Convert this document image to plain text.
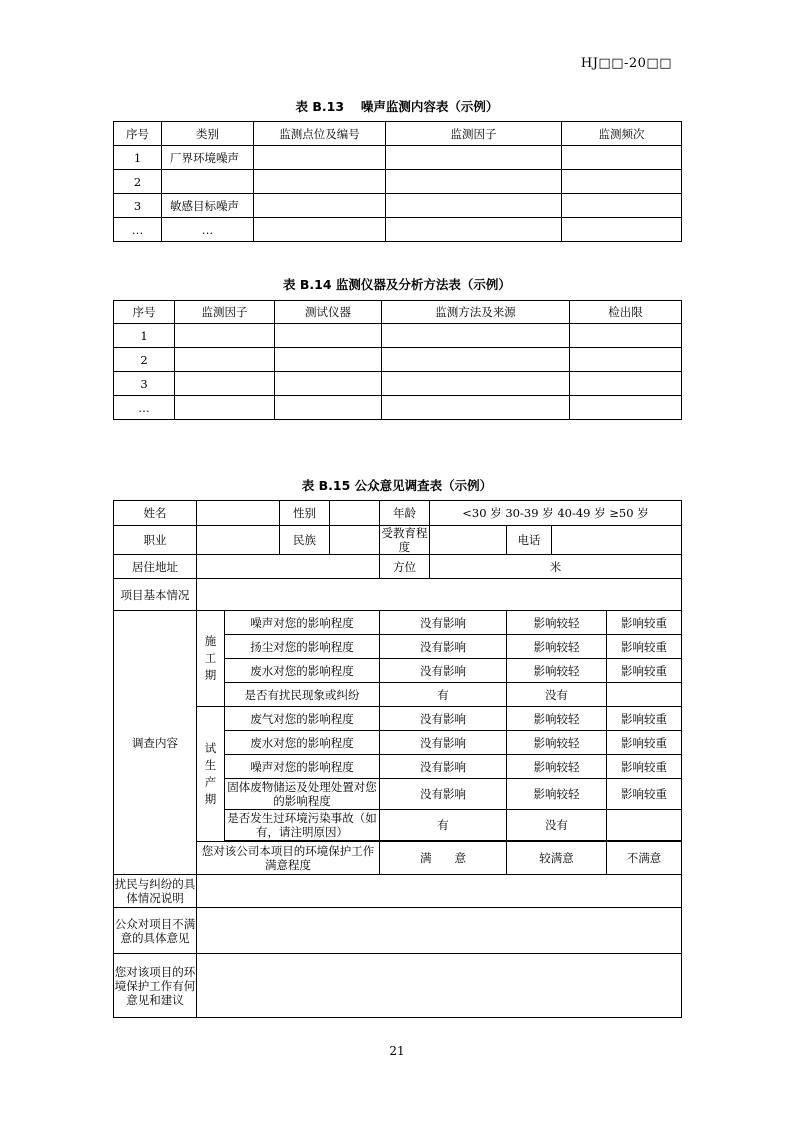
HJ□□-20□□
表 B.13　 噪声监测内容表（示例）
序号	类别	监测点位及编号	监测因子	监测频次
1	厂界环境噪声			
2				
3	敏感目标噪声			
…	…			
表 B.14 监测仪器及分析方法表（示例）
序号	监测因子	测试仪器	监测方法及来源	检出限
1				
2				
3				
…				
表 B.15 公众意见调查表（示例）
姓名			性别		年龄	<30 岁 30-39 岁 40-49 岁 ≥50 岁			
职业			民族		受教育程度		电话		
居住地址					方位	米			
项目基本情况									
调查内容	施工期	噪声对您的影响程度			没有影响		影响较轻		影响较重
		扬尘对您的影响程度			没有影响		影响较轻		影响较重
		废水对您的影响程度			没有影响		影响较轻		影响较重
		是否有扰民现象或纠纷			有		没有		
	试生产期	废气对您的影响程度			没有影响		影响较轻		影响较重
		废水对您的影响程度			没有影响		影响较轻		影响较重
		噪声对您的影响程度			没有影响		影响较轻		影响较重
		固体废物储运及处理处置对您的影响程度			没有影响		影响较轻		影响较重
		是否发生过环境污染事故（如有，请注明原因）			有		没有		

	您对该公司本项目的环境保护工作满意程度				满　　意		较满意		不满意
扰民与纠纷的具体情况说明									
公众对项目不满意的具体意见									
您对该项目的环境保护工作有何意见和建议									
21
